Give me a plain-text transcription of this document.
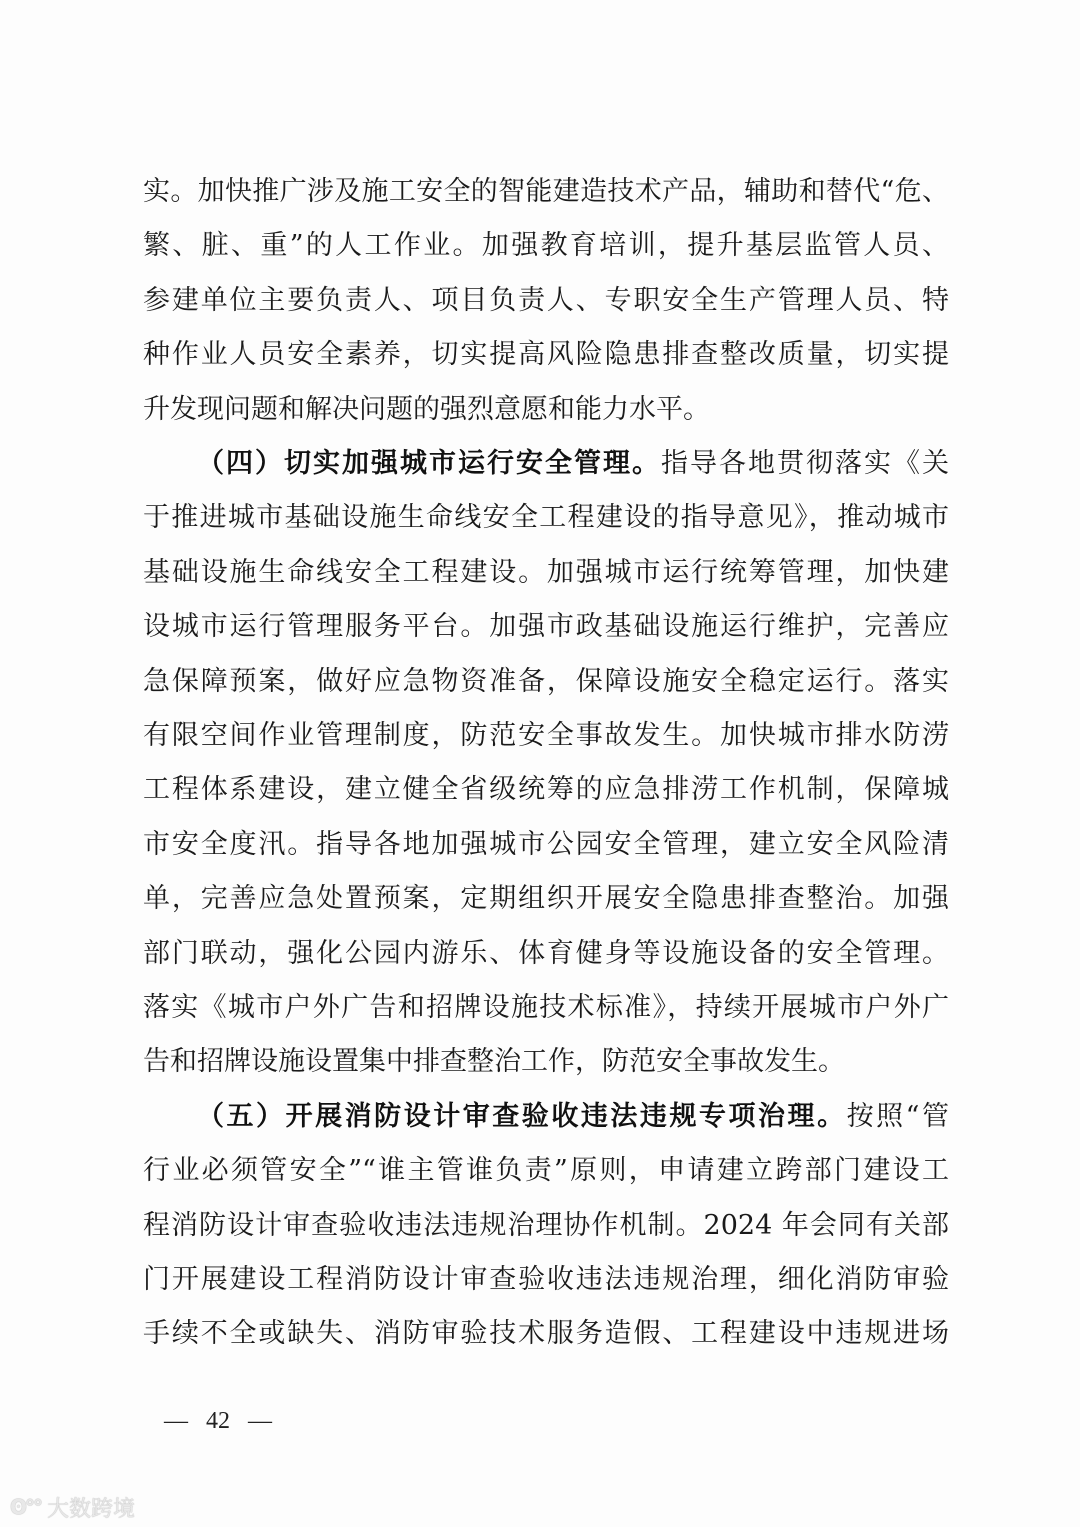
实。加快推广涉及施工安全的智能建造技术产品，辅助和替代“危、
繁、脏、重”的人工作业。加强教育培训，提升基层监管人员、
参建单位主要负责人、项目负责人、专职安全生产管理人员、特
种作业人员安全素养，切实提高风险隐患排查整改质量，切实提
升发现问题和解决问题的强烈意愿和能力水平。
（四）切实加强城市运行安全管理。指导各地贯彻落实《关
于推进城市基础设施生命线安全工程建设的指导意见》，推动城市
基础设施生命线安全工程建设。加强城市运行统筹管理，加快建
设城市运行管理服务平台。加强市政基础设施运行维护，完善应
急保障预案，做好应急物资准备，保障设施安全稳定运行。落实
有限空间作业管理制度，防范安全事故发生。加快城市排水防涝
工程体系建设，建立健全省级统筹的应急排涝工作机制，保障城
市安全度汛。指导各地加强城市公园安全管理，建立安全风险清
单，完善应急处置预案，定期组织开展安全隐患排查整治。加强
部门联动，强化公园内游乐、体育健身等设施设备的安全管理。
落实《城市户外广告和招牌设施技术标准》，持续开展城市户外广
告和招牌设施设置集中排查整治工作，防范安全事故发生。
（五）开展消防设计审查验收违法违规专项治理。按照“管
行业必须管安全”“谁主管谁负责”原则，申请建立跨部门建设工
程消防设计审查验收违法违规治理协作机制。2024 年会同有关部
门开展建设工程消防设计审查验收违法违规治理，细化消防审验
手续不全或缺失、消防审验技术服务造假、工程建设中违规进场
—   42   —
ʘ°° 大数跨境
